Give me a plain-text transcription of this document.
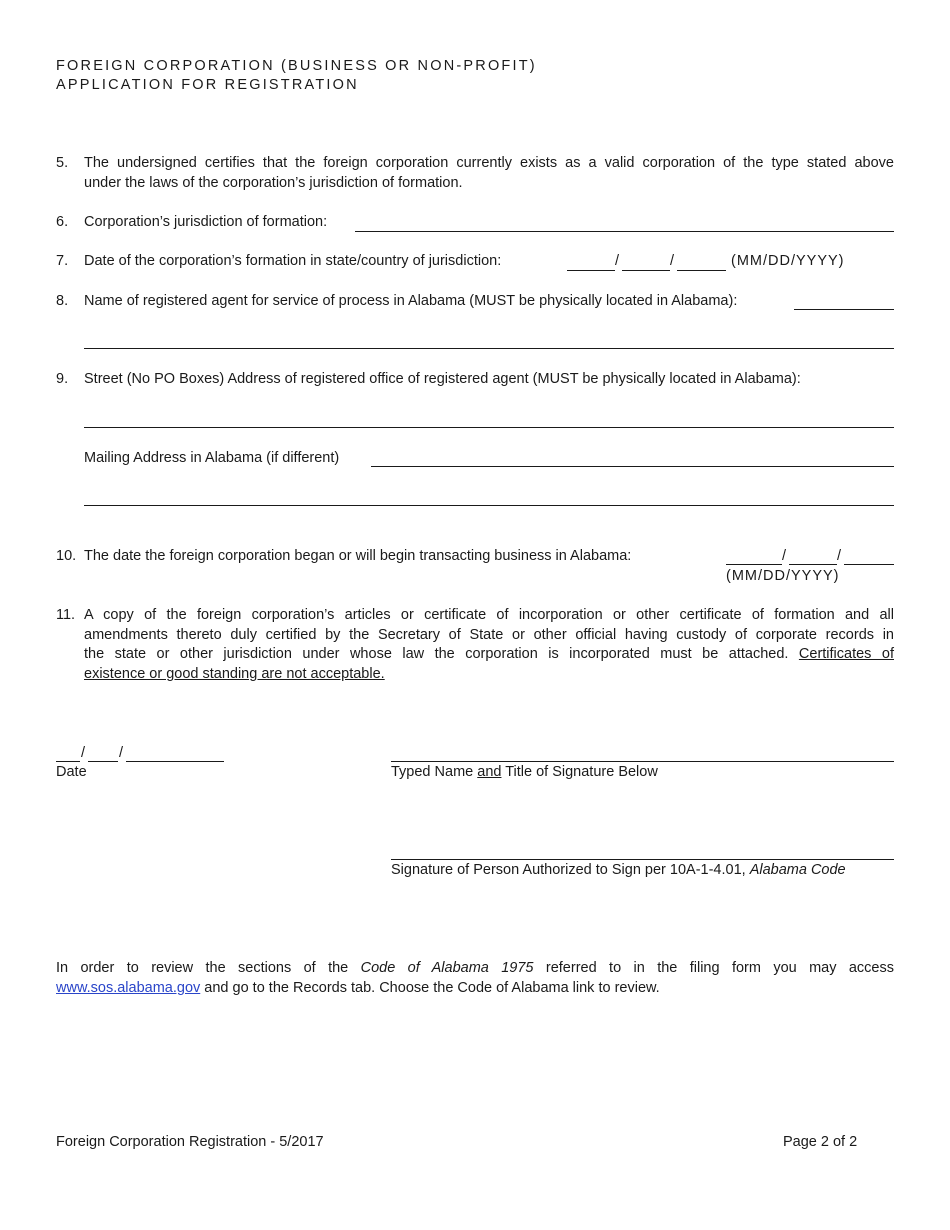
FOREIGN CORPORATION (BUSINESS OR NON-PROFIT)
APPLICATION FOR REGISTRATION
5.	The undersigned certifies that the foreign corporation currently exists as a valid corporation of the type stated above
under the laws of the corporation’s jurisdiction of formation.
6.	Corporation’s jurisdiction of formation:
7.	Date of the corporation’s formation in state/country of jurisdiction:	/	/	(MM/DD/YYYY)
8.	Name of registered agent for service of process in Alabama (MUST be physically located in Alabama):
9.	Street (No PO Boxes) Address of registered office of registered agent (MUST be physically located in Alabama):
Mailing Address in Alabama (if different)
10. The date the foreign corporation began or will begin transacting business in Alabama:	/	/
(MM/DD/YYYY)
11. A copy of the foreign corporation’s articles or certificate of incorporation or other certificate of formation and all
amendments thereto duly certified by the Secretary of State or other official having custody of corporate records in
the state or other jurisdiction under whose law the corporation is incorporated must be attached. Certificates of
existence or good standing are not acceptable.
/ /
Date	Typed Name and Title of Signature Below
Signature of Person Authorized to Sign per 10A-1-4.01, Alabama Code
In order to review the sections of the Code of Alabama 1975 referred to in the filing form you may access
www.sos.alabama.gov and go to the Records tab. Choose the Code of Alabama link to review.
Foreign Corporation Registration - 5/2017	Page 2 of 2
